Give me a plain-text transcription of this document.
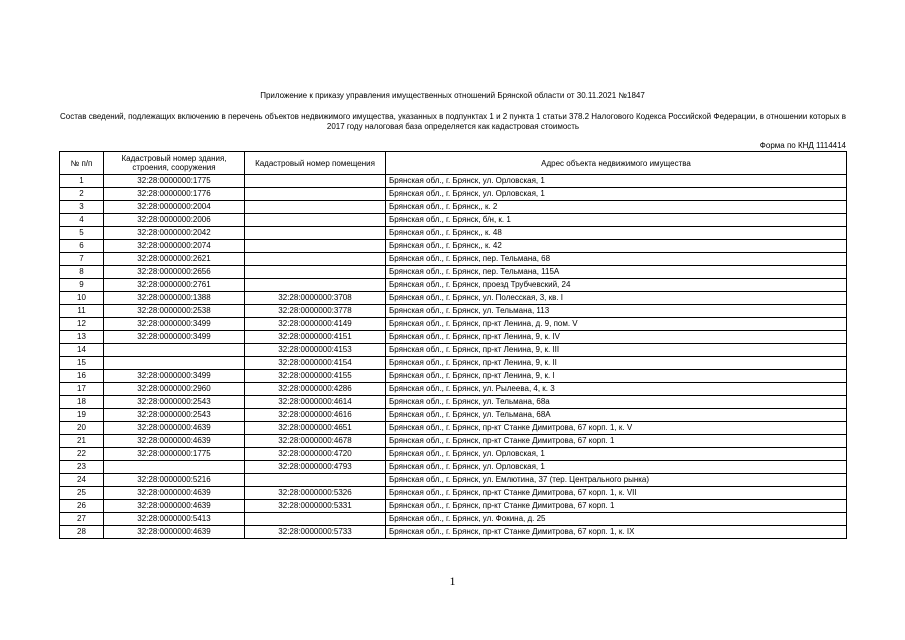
Приложение к приказу управления имущественных отношений Брянской области от 30.11.2021 №1847
Состав сведений, подлежащих включению в перечень объектов недвижимого имущества, указанных в подпунктах 1 и 2 пункта 1 статьи 378.2 Налогового Кодекса Российской Федерации, в отношении которых в 2017 году налоговая база определяется как кадастровая стоимость
Форма по КНД 1114414
№ п/п	Кадастровый номер здания, строения, сооружения	Кадастровый номер помещения	Адрес объекта недвижимого имущества
1	32:28:0000000:1775		Брянская обл., г. Брянск, ул. Орловская, 1
2	32:28:0000000:1776		Брянская обл., г. Брянск, ул. Орловская, 1
3	32:28:0000000:2004		Брянская обл., г. Брянск,, к. 2
4	32:28:0000000:2006		Брянская обл., г. Брянск, б/н, к. 1
5	32:28:0000000:2042		Брянская обл., г. Брянск,, к. 48
6	32:28:0000000:2074		Брянская обл., г. Брянск,, к. 42
7	32:28:0000000:2621		Брянская обл., г. Брянск, пер. Тельмана, 68
8	32:28:0000000:2656		Брянская обл., г. Брянск, пер. Тельмана, 115А
9	32:28:0000000:2761		Брянская обл., г. Брянск, проезд Трубчевский, 24
10	32:28:0000000:1388	32:28:0000000:3708	Брянская обл., г. Брянск, ул. Полесская, 3, кв. I
11	32:28:0000000:2538	32:28:0000000:3778	Брянская обл., г. Брянск, ул. Тельмана, 113
12	32:28:0000000:3499	32:28:0000000:4149	Брянская обл., г. Брянск, пр-кт Ленина, д. 9, пом. V
13	32:28:0000000:3499	32:28:0000000:4151	Брянская обл., г. Брянск, пр-кт Ленина, 9, к. IV
14		32:28:0000000:4153	Брянская обл., г. Брянск, пр-кт Ленина, 9, к. III
15		32:28:0000000:4154	Брянская обл., г. Брянск, пр-кт Ленина, 9, к. II
16	32:28:0000000:3499	32:28:0000000:4155	Брянская обл., г. Брянск, пр-кт Ленина, 9, к. I
17	32:28:0000000:2960	32:28:0000000:4286	Брянская обл., г. Брянск, ул. Рылеева, 4, к. 3
18	32:28:0000000:2543	32:28:0000000:4614	Брянская обл., г. Брянск, ул. Тельмана, 68а
19	32:28:0000000:2543	32:28:0000000:4616	Брянская обл., г. Брянск, ул. Тельмана, 68А
20	32:28:0000000:4639	32:28:0000000:4651	Брянская обл., г. Брянск, пр-кт Станке Димитрова, 67 корп. 1, к. V
21	32:28:0000000:4639	32:28:0000000:4678	Брянская обл., г. Брянск, пр-кт Станке Димитрова, 67 корп. 1
22	32:28:0000000:1775	32:28:0000000:4720	Брянская обл., г. Брянск, ул. Орловская, 1
23		32:28:0000000:4793	Брянская обл., г. Брянск, ул. Орловская, 1
24	32:28:0000000:5216		Брянская обл., г. Брянск, ул. Емлютина, 37 (тер. Центрального рынка)
25	32:28:0000000:4639	32:28:0000000:5326	Брянская обл., г. Брянск, пр-кт Станке Димитрова, 67 корп. 1, к. VII
26	32:28:0000000:4639	32:28:0000000:5331	Брянская обл., г. Брянск, пр-кт Станке Димитрова, 67 корп. 1
27	32:28:0000000:5413		Брянская обл., г. Брянск, ул. Фокина, д. 25
28	32:28:0000000:4639	32:28:0000000:5733	Брянская обл., г. Брянск, пр-кт Станке Димитрова, 67 корп. 1, к. IX
1
